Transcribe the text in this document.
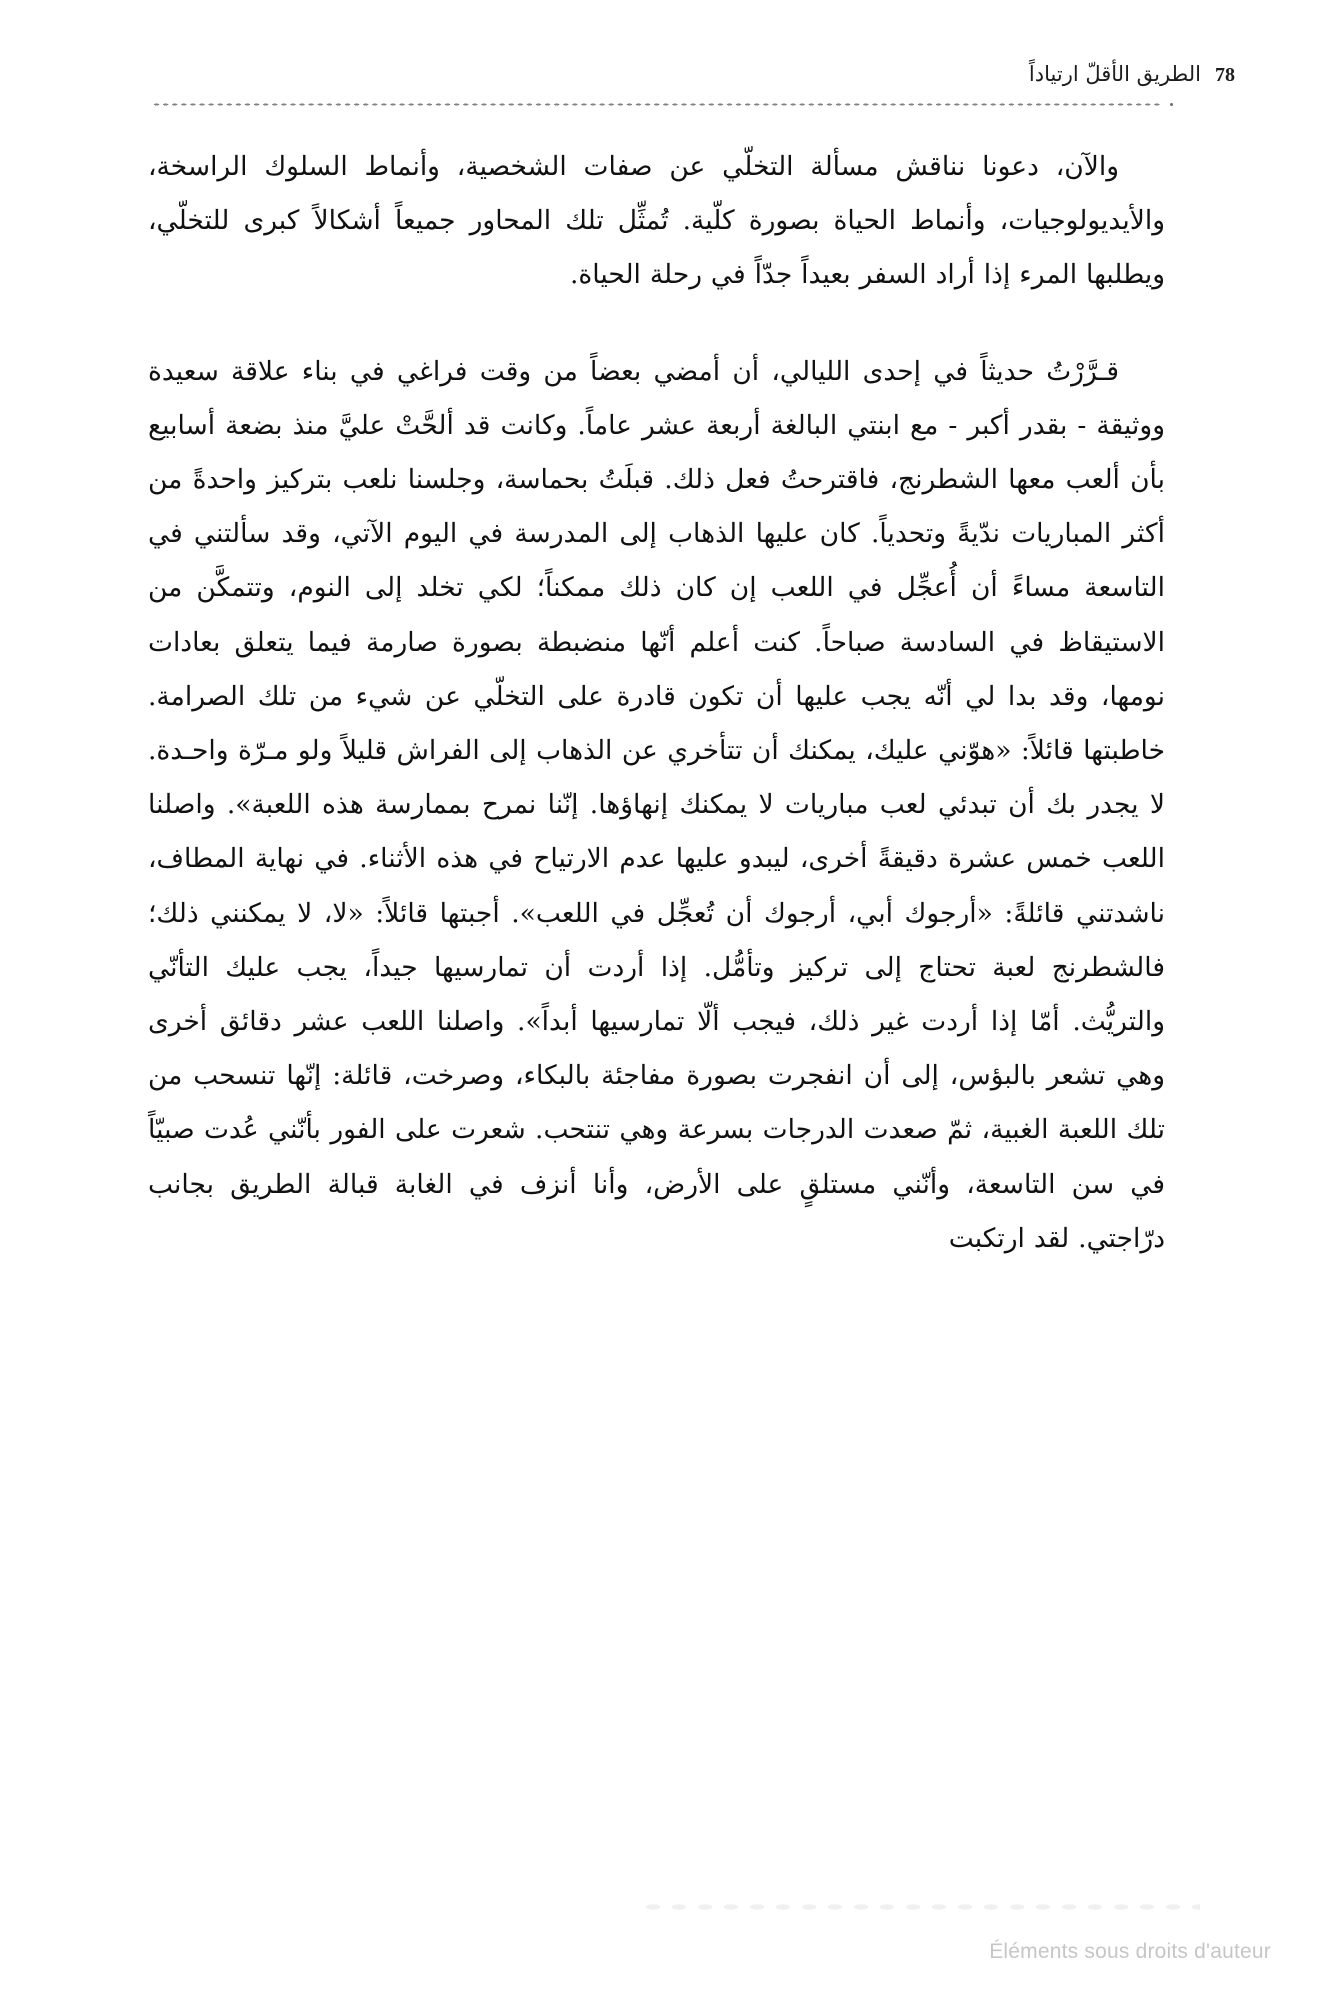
78
الطريق الأقلّ ارتياداً

والآن، دعونا نناقش مسألة التخلّي عن صفات الشخصية، وأنماط السلوك الراسخة، والأيديولوجيات، وأنماط الحياة بصورة كلّية. تُمثِّل تلك المحاور جميعاً أشكالاً كبرى للتخلّي، ويطلبها المرء إذا أراد السفر بعيداً جدّاً في رحلة الحياة.

قـرَّرْتُ حديثاً في إحدى الليالي، أن أمضي بعضاً من وقت فراغي في بناء علاقة سعيدة ووثيقة - بقدر أكبر - مع ابنتي البالغة أربعة عشر عاماً. وكانت قد ألحَّتْ عليَّ منذ بضعة أسابيع بأن ألعب معها الشطرنج، فاقترحتُ فعل ذلك. قبلَتُ بحماسة، وجلسنا نلعب بتركيز واحدةً من أكثر المباريات ندّيةً وتحدياً. كان عليها الذهاب إلى المدرسة في اليوم الآتي، وقد سألتني في التاسعة مساءً أن أُعجِّل في اللعب إن كان ذلك ممكناً؛ لكي تخلد إلى النوم، وتتمكَّن من الاستيقاظ في السادسة صباحاً. كنت أعلم أنّها منضبطة بصورة صارمة فيما يتعلق بعادات نومها، وقد بدا لي أنّه يجب عليها أن تكون قادرة على التخلّي عن شيء من تلك الصرامة. خاطبتها قائلاً: «هوّني عليك، يمكنك أن تتأخري عن الذهاب إلى الفراش قليلاً ولو مـرّة واحـدة. لا يجدر بك أن تبدئي لعب مباريات لا يمكنك إنهاؤها. إنّنا نمرح بممارسة هذه اللعبة». واصلنا اللعب خمس عشرة دقيقةً أخرى، ليبدو عليها عدم الارتياح في هذه الأثناء. في نهاية المطاف، ناشدتني قائلةً: «أرجوك أبي، أرجوك أن تُعجِّل في اللعب». أجبتها قائلاً: «لا، لا يمكنني ذلك؛ فالشطرنج لعبة تحتاج إلى تركيز وتأمُّل. إذا أردت أن تمارسيها جيداً، يجب عليك التأنّي والتريُّث. أمّا إذا أردت غير ذلك، فيجب ألّا تمارسيها أبداً». واصلنا اللعب عشر دقائق أخرى وهي تشعر بالبؤس، إلى أن انفجرت بصورة مفاجئة بالبكاء، وصرخت، قائلة: إنّها تنسحب من تلك اللعبة الغبية، ثمّ صعدت الدرجات بسرعة وهي تنتحب. شعرت على الفور بأنّني عُدت صبيّاً في سن التاسعة، وأنّني مستلقٍ على الأرض، وأنا أنزف في الغابة قبالة الطريق بجانب درّاجتي. لقد ارتكبت

Éléments sous droits d'auteur
